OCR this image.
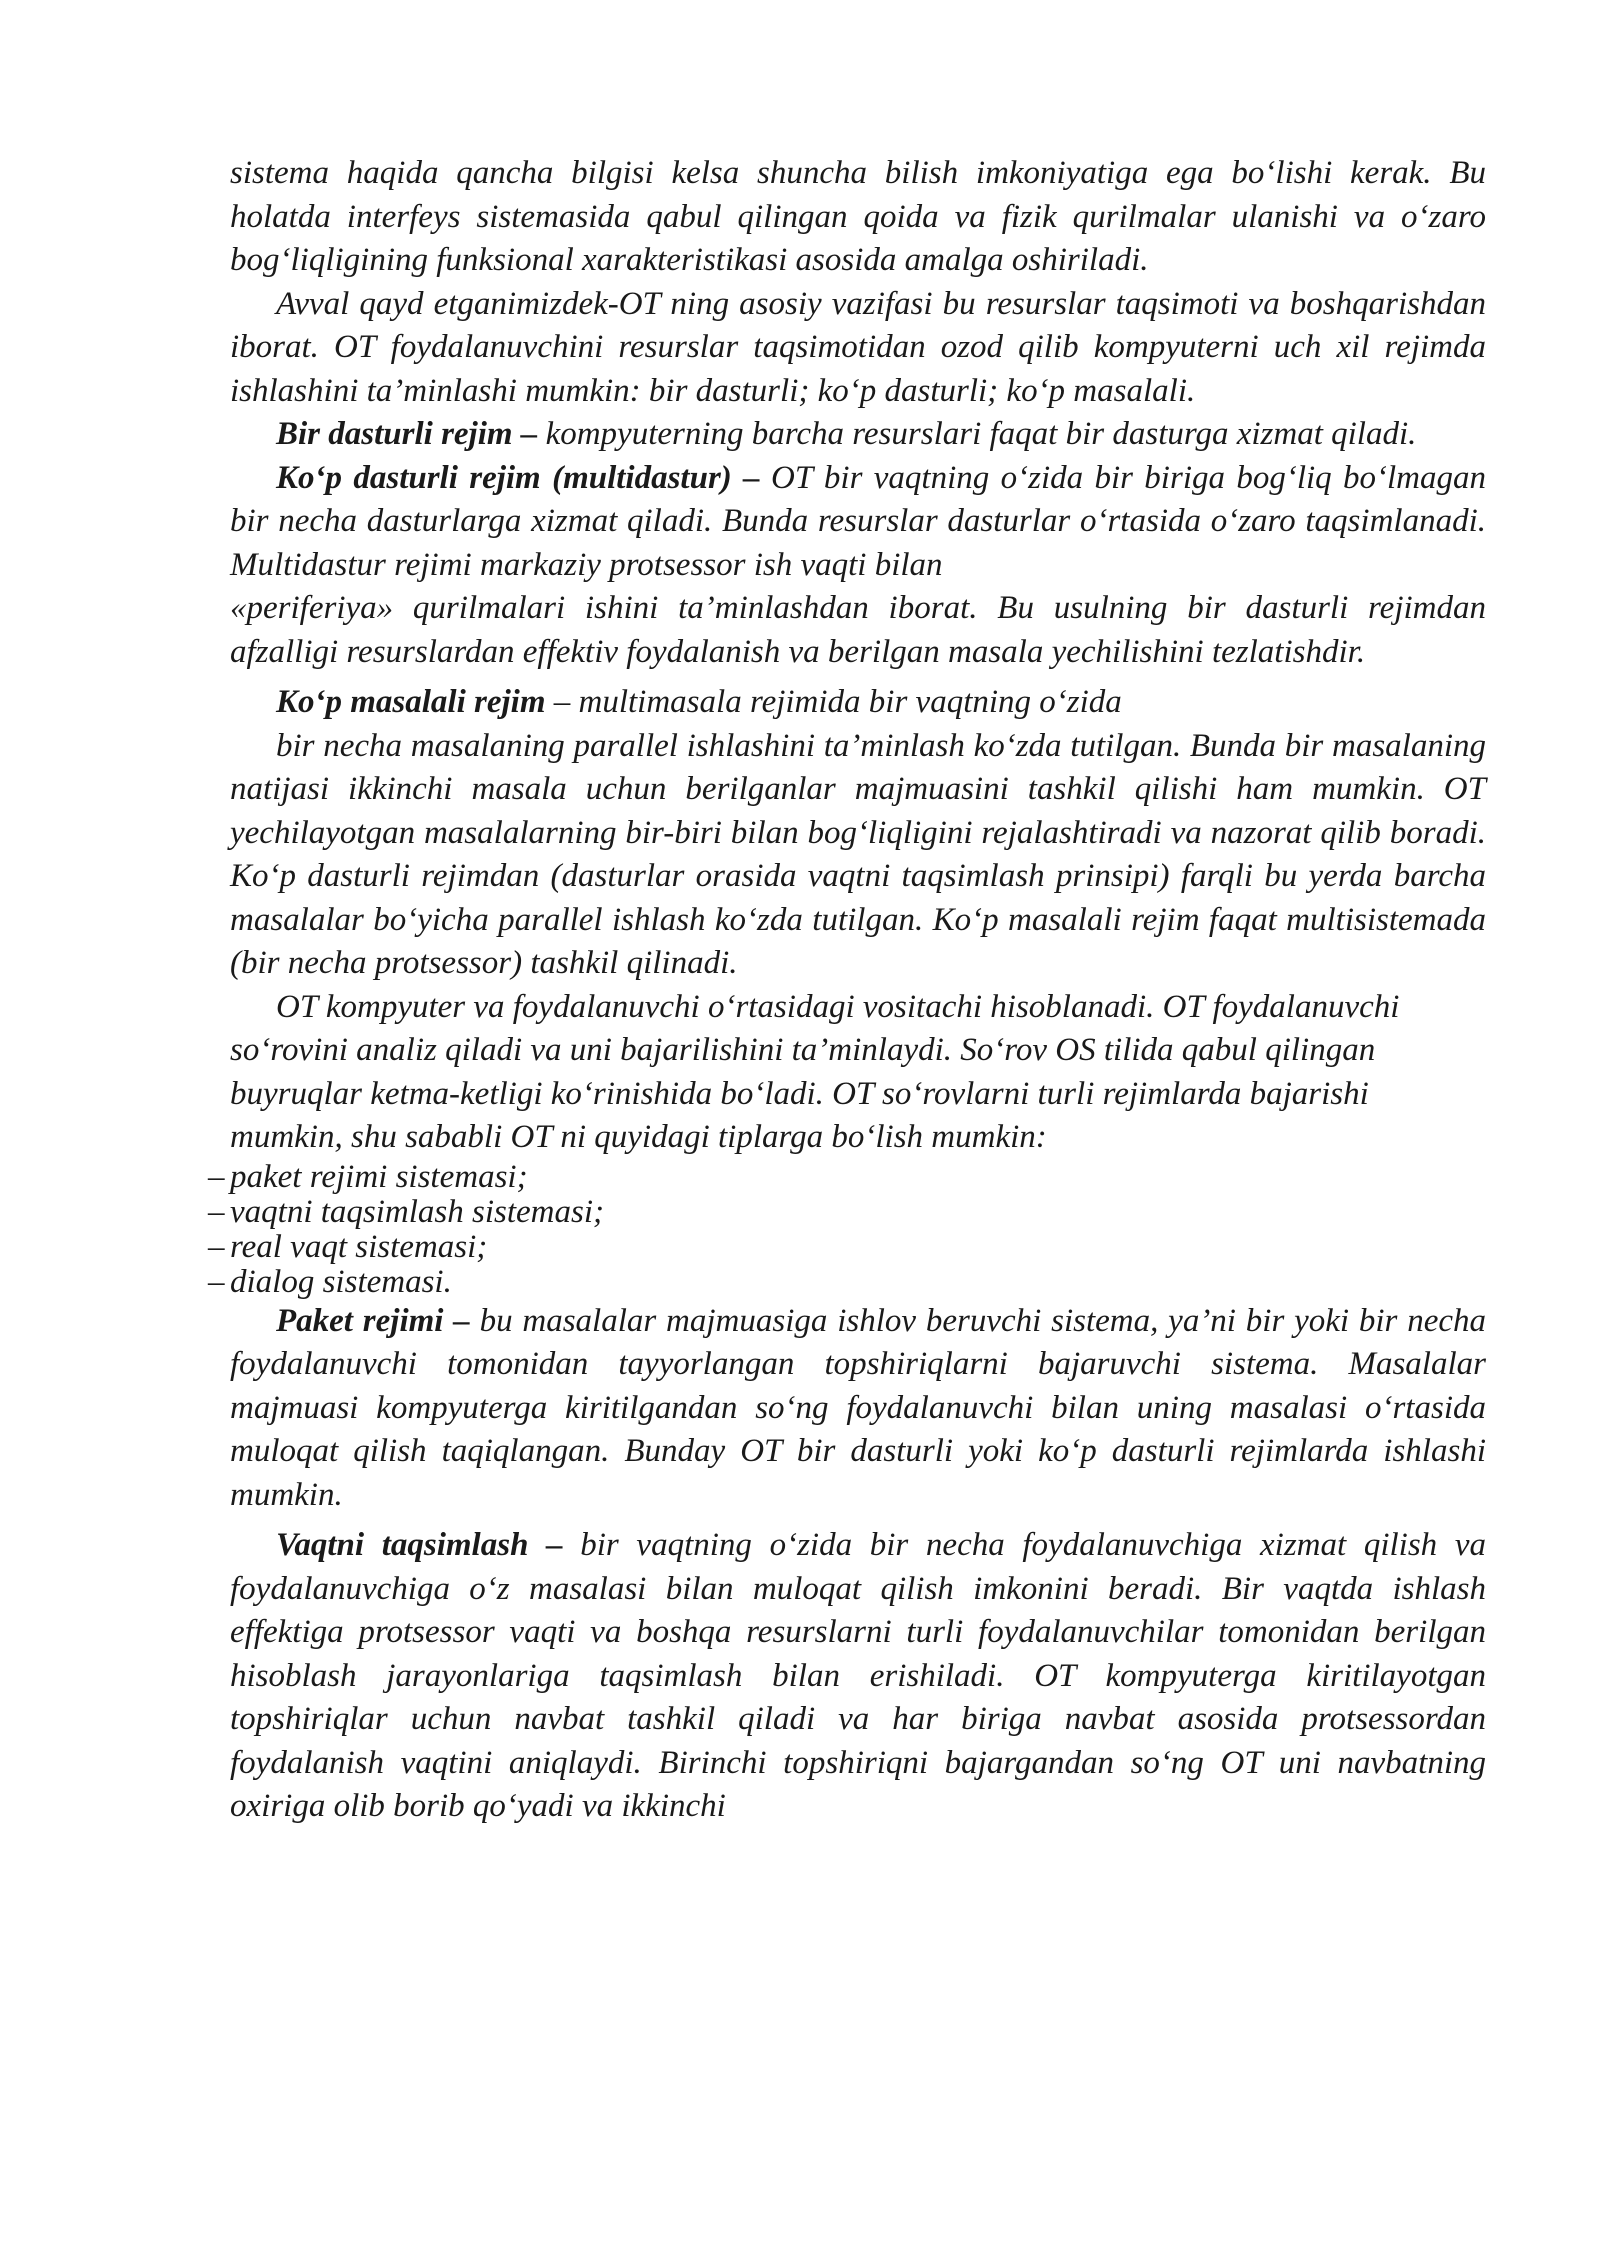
sistema haqida qancha bilgisi kelsa shuncha bilish imkoniyatiga ega bo‘lishi kerak. Bu holatda interfeys sistemasida qabul qilingan qoida va fizik qurilmalar ulanishi va o‘zaro bog‘liqligining funksional xarakteristikasi asosida amalga oshiriladi.

Avval qayd etganimizdek-OT ning asosiy vazifasi bu resurslar taqsimoti va boshqarishdan iborat. OT foydalanuvchini resurslar taqsimotidan ozod qilib kompyuterni uch xil rejimda ishlashini ta’minlashi mumkin: bir dasturli; ko‘p dasturli; ko‘p masalali.

Bir dasturli rejim – kompyuterning barcha resurslari faqat bir dasturga xizmat qiladi.

Ko‘p dasturli rejim (multidastur) – OT bir vaqtning o‘zida bir biriga bog‘liq bo‘lmagan bir necha dasturlarga xizmat qiladi. Bunda resurslar dasturlar o‘rtasida o‘zaro taqsimlanadi. Multidastur rejimi markaziy protsessor ish vaqti bilan

«periferiya» qurilmalari ishini ta’minlashdan iborat. Bu usulning bir dasturli rejimdan afzalligi resurslardan effektiv foydalanish va berilgan masala yechilishini tezlatishdir.

Ko‘p masalali rejim – multimasala rejimida bir vaqtning o‘zida

bir necha masalaning parallel ishlashini ta’minlash ko‘zda tutilgan. Bunda bir masalaning natijasi ikkinchi masala uchun berilganlar majmuasini tashkil qilishi ham mumkin. OT yechilayotgan masalalarning bir-biri bilan bog‘liqligini rejalashtiradi va nazorat qilib boradi. Ko‘p dasturli rejimdan (dasturlar orasida vaqtni taqsimlash prinsipi) farqli bu yerda barcha masalalar bo‘yicha parallel ishlash ko‘zda tutilgan. Ko‘p masalali rejim faqat multisistemada (bir necha protsessor) tashkil qilinadi.

OT kompyuter va foydalanuvchi o‘rtasidagi vositachi hisoblanadi. OT foydalanuvchi so‘rovini analiz qiladi va uni bajarilishini ta’minlaydi. So‘rov OS tilida qabul qilingan buyruqlar ketma-ketligi ko‘rinishida bo‘ladi. OT so‘rovlarni turli rejimlarda bajarishi mumkin, shu sababli OT ni quyidagi tiplarga bo‘lish mumkin:

– paket rejimi sistemasi;
– vaqtni taqsimlash sistemasi;
– real vaqt sistemasi;
– dialog sistemasi.

Paket rejimi – bu masalalar majmuasiga ishlov beruvchi sistema, ya’ni bir yoki bir necha foydalanuvchi tomonidan tayyorlangan topshiriqlarni bajaruvchi sistema. Masalalar majmuasi kompyuterga kiritilgandan so‘ng foydalanuvchi bilan uning masalasi o‘rtasida muloqat qilish taqiqlangan. Bunday OT bir dasturli yoki ko‘p dasturli rejimlarda ishlashi mumkin.

Vaqtni taqsimlash – bir vaqtning o‘zida bir necha foydalanuvchiga xizmat qilish va foydalanuvchiga o‘z masalasi bilan muloqat qilish imkonini beradi. Bir vaqtda ishlash effektiga protsessor vaqti va boshqa resurslarni turli foydalanuvchilar tomonidan berilgan hisoblash jarayonlariga taqsimlash bilan erishiladi. OT kompyuterga kiritilayotgan topshiriqlar uchun navbat tashkil qiladi va har biriga navbat asosida protsessordan foydalanish vaqtini aniqlaydi. Birinchi topshiriqni bajargandan so‘ng OT uni navbatning oxiriga olib borib qo‘yadi va ikkinchi
